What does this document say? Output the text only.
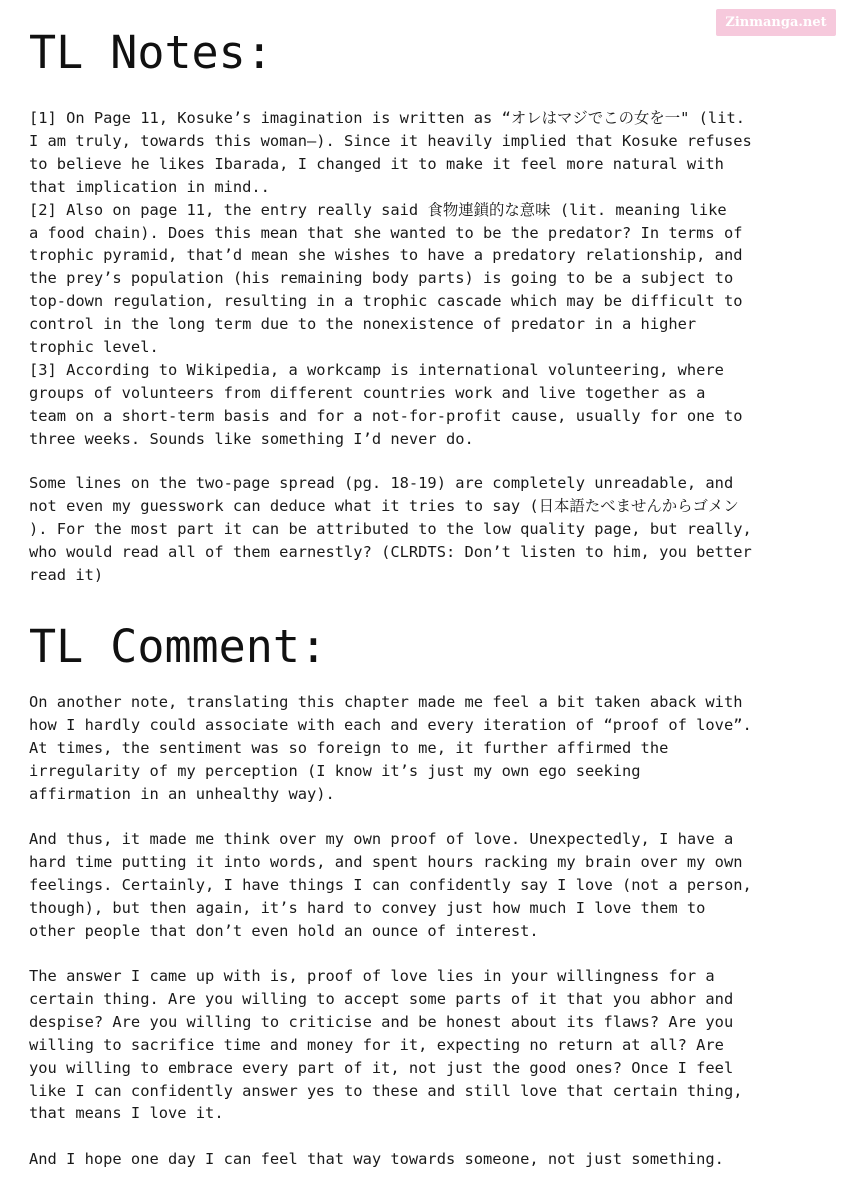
Zinmanga.net
TL Notes:

[1] On Page 11, Kosuke’s imagination is written as “オレはマジでこの女を一" (lit.
I am truly, towards this woman—). Since it heavily implied that Kosuke refuses
to believe he likes Ibarada, I changed it to make it feel more natural with
that implication in mind..
[2] Also on page 11, the entry really said 食物連鎖的な意味 (lit. meaning like
a food chain). Does this mean that she wanted to be the predator? In terms of
trophic pyramid, that’d mean she wishes to have a predatory relationship, and
the prey’s population (his remaining body parts) is going to be a subject to
top-down regulation, resulting in a trophic cascade which may be difficult to
control in the long term due to the nonexistence of predator in a higher
trophic level.
[3] According to Wikipedia, a workcamp is international volunteering, where
groups of volunteers from different countries work and live together as a
team on a short-term basis and for a not-for-profit cause, usually for one to
three weeks. Sounds like something I’d never do.

Some lines on the two-page spread (pg. 18-19) are completely unreadable, and
not even my guesswork can deduce what it tries to say (日本語たべませんからゴメン
). For the most part it can be attributed to the low quality page, but really,
who would read all of them earnestly? (CLRDTS: Don’t listen to him, you better
read it)

TL Comment:

On another note, translating this chapter made me feel a bit taken aback with
how I hardly could associate with each and every iteration of “proof of love”.
At times, the sentiment was so foreign to me, it further affirmed the
irregularity of my perception (I know it’s just my own ego seeking
affirmation in an unhealthy way).

And thus, it made me think over my own proof of love. Unexpectedly, I have a
hard time putting it into words, and spent hours racking my brain over my own
feelings. Certainly, I have things I can confidently say I love (not a person,
though), but then again, it’s hard to convey just how much I love them to
other people that don’t even hold an ounce of interest.

The answer I came up with is, proof of love lies in your willingness for a
certain thing. Are you willing to accept some parts of it that you abhor and
despise? Are you willing to criticise and be honest about its flaws? Are you
willing to sacrifice time and money for it, expecting no return at all? Are
you willing to embrace every part of it, not just the good ones? Once I feel
like I can confidently answer yes to these and still love that certain thing,
that means I love it.

And I hope one day I can feel that way towards someone, not just something.
